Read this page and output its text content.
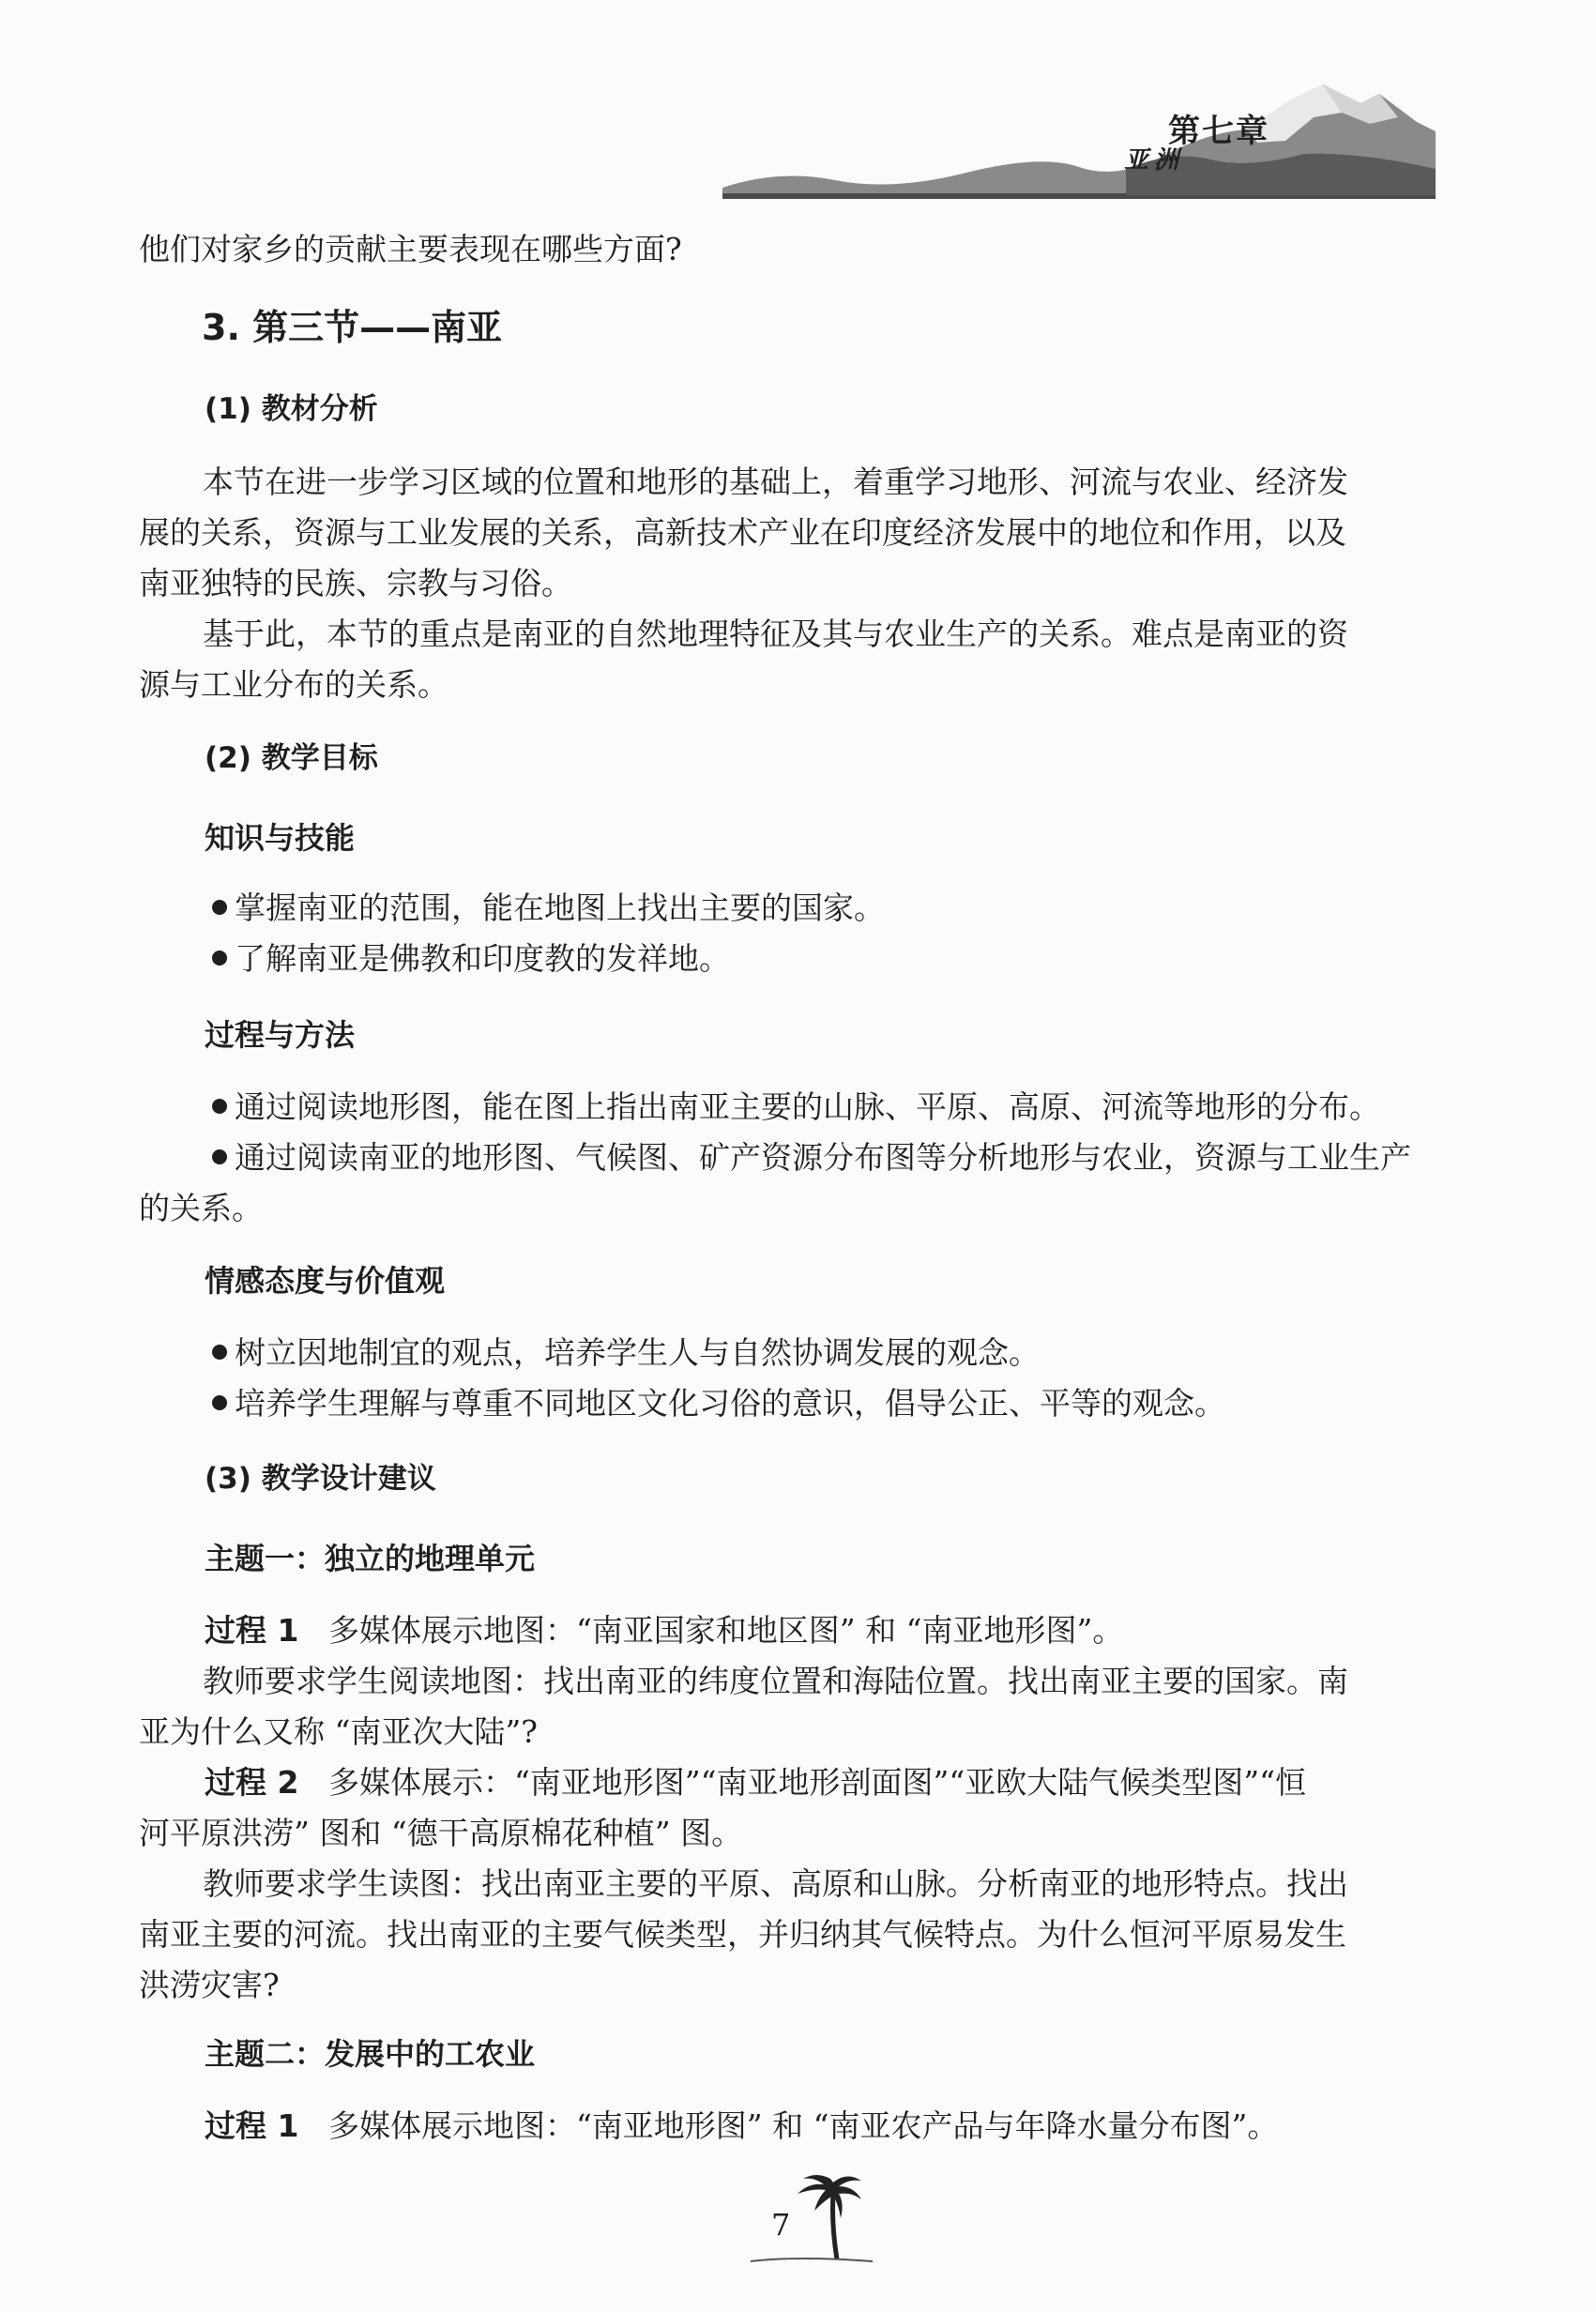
第七章
亚洲
他们对家乡的贡献主要表现在哪些方面?
3. 第三节——南亚
(1) 教材分析
本节在进一步学习区域的位置和地形的基础上，着重学习地形、河流与农业、经济发
展的关系，资源与工业发展的关系，高新技术产业在印度经济发展中的地位和作用，以及
南亚独特的民族、宗教与习俗。
基于此，本节的重点是南亚的自然地理特征及其与农业生产的关系。难点是南亚的资
源与工业分布的关系。
(2) 教学目标
知识与技能
掌握南亚的范围，能在地图上找出主要的国家。
了解南亚是佛教和印度教的发祥地。
过程与方法
通过阅读地形图，能在图上指出南亚主要的山脉、平原、高原、河流等地形的分布。
通过阅读南亚的地形图、气候图、矿产资源分布图等分析地形与农业，资源与工业生产
的关系。
情感态度与价值观
树立因地制宜的观点，培养学生人与自然协调发展的观念。
培养学生理解与尊重不同地区文化习俗的意识，倡导公正、平等的观念。
(3) 教学设计建议
主题一：独立的地理单元
过程 1 多媒体展示地图：“南亚国家和地区图” 和 “南亚地形图”。
教师要求学生阅读地图：找出南亚的纬度位置和海陆位置。找出南亚主要的国家。南
亚为什么又称 “南亚次大陆”?
过程 2 多媒体展示：“南亚地形图”“南亚地形剖面图”“亚欧大陆气候类型图”“恒
河平原洪涝” 图和 “德干高原棉花种植” 图。
教师要求学生读图：找出南亚主要的平原、高原和山脉。分析南亚的地形特点。找出
南亚主要的河流。找出南亚的主要气候类型，并归纳其气候特点。为什么恒河平原易发生
洪涝灾害?
主题二：发展中的工农业
过程 1 多媒体展示地图：“南亚地形图” 和 “南亚农产品与年降水量分布图”。
7
